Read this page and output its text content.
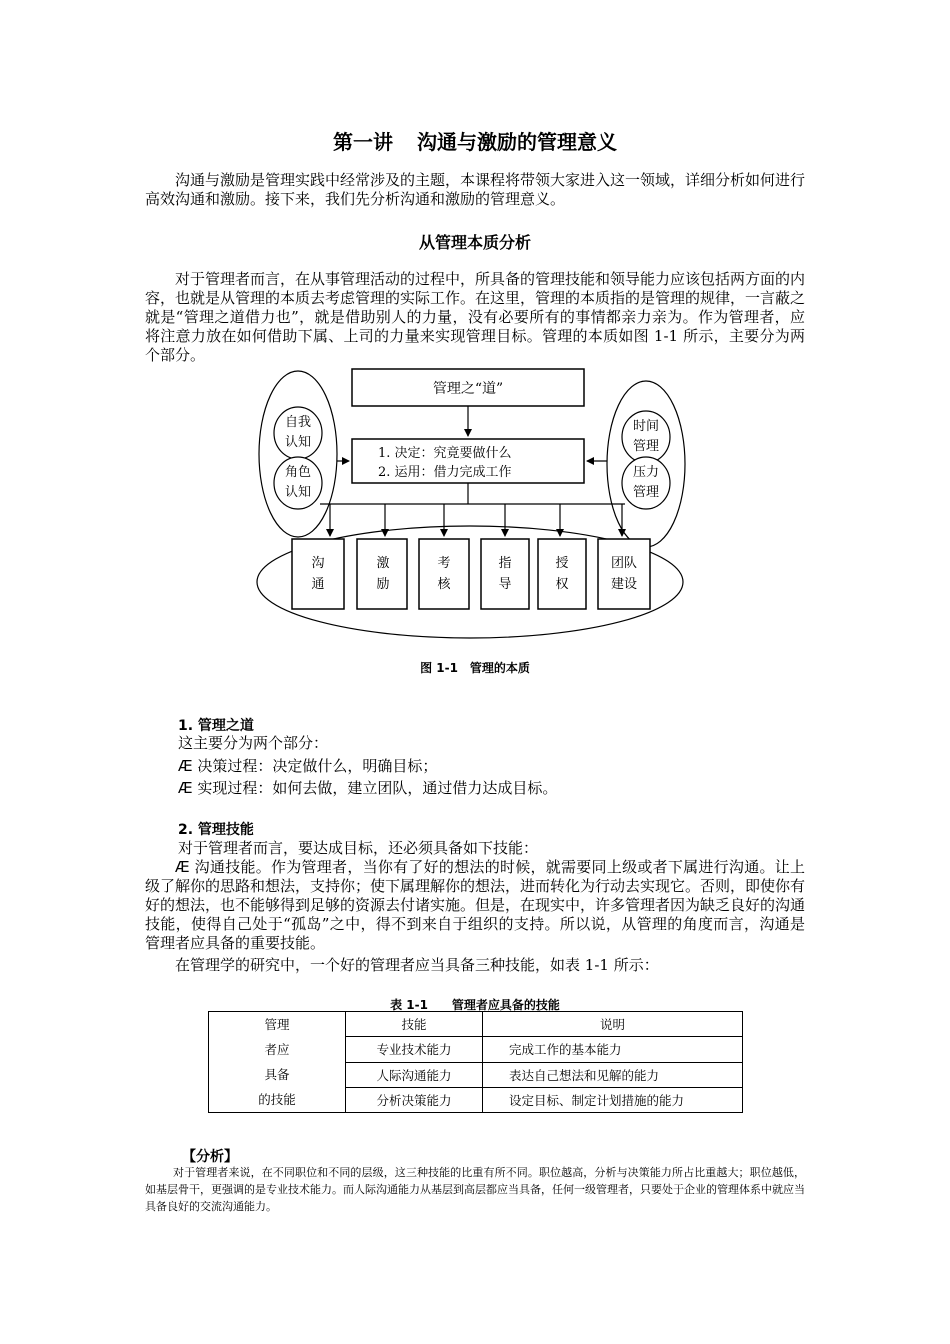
第一讲 沟通与激励的管理意义

沟通与激励是管理实践中经常涉及的主题，本课程将带领大家进入这一领域，详细分析如何进行高效沟通和激励。接下来，我们先分析沟通和激励的管理意义。

从管理本质分析

对于管理者而言，在从事管理活动的过程中，所具备的管理技能和领导能力应该包括两方面的内容，也就是从管理的本质去考虑管理的实际工作。在这里，管理的本质指的是管理的规律，一言蔽之就是“管理之道借力也”，就是借助别人的力量，没有必要所有的事情都亲力亲为。作为管理者，应将注意力放在如何借助下属、上司的力量来实现管理目标。管理的本质如图 1-1 所示，主要分为两个部分。

管理之“道”
1. 决定：究竟要做什么
2. 运用：借力完成工作
自我
认知
角色
认知
时间
管理
压力
管理
沟
通
激
励
考
核
指
导
授
权
团队
建设
图 1-1　管理的本质
1. 管理之道
这主要分为两个部分：
Æ 决策过程：决定做什么，明确目标；
Æ 实现过程：如何去做，建立团队，通过借力达成目标。
2. 管理技能
对于管理者而言，要达成目标，还必须具备如下技能：

Æ 沟通技能。作为管理者，当你有了好的想法的时候，就需要同上级或者下属进行沟通。让上级了解你的思路和想法，支持你；使下属理解你的想法，进而转化为行动去实现它。否则，即使你有好的想法，也不能够得到足够的资源去付诸实施。但是，在现实中，许多管理者因为缺乏良好的沟通技能，使得自己处于“孤岛”之中，得不到来自于组织的支持。所以说，从管理的角度而言，沟通是管理者应具备的重要技能。

在管理学的研究中，一个好的管理者应当具备三种技能，如表 1-1 所示：

表 1-1　　管理者应具备的技能
管理
者应
具备
的技能	技能	说明
	专业技术能力	完成工作的基本能力
	人际沟通能力	表达自己想法和见解的能力
	分析决策能力	设定目标、制定计划措施的能力
【分析】

对于管理者来说，在不同职位和不同的层级，这三种技能的比重有所不同。职位越高，分析与决策能力所占比重越大；职位越低，如基层骨干，更强调的是专业技术能力。而人际沟通能力从基层到高层都应当具备，任何一级管理者，只要处于企业的管理体系中就应当具备良好的交流沟通能力。
